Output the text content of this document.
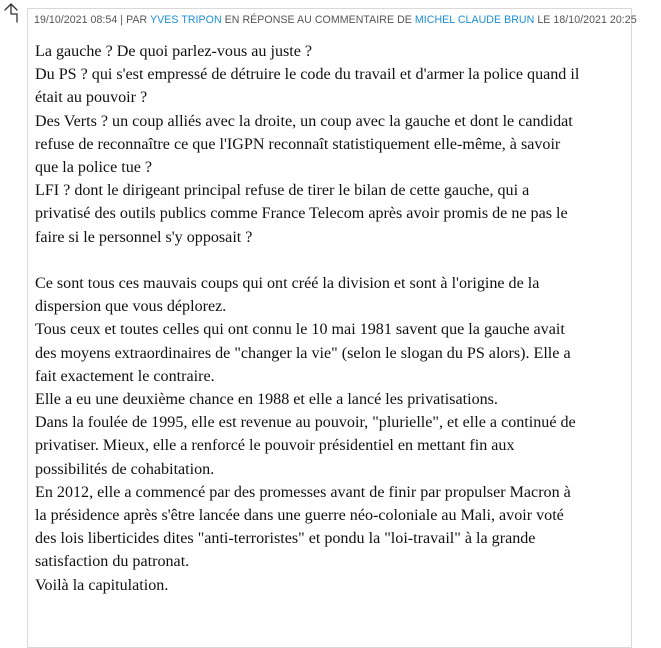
19/10/2021 08:54 | PAR YVES TRIPON EN RÉPONSE AU COMMENTAIRE DE MICHEL CLAUDE BRUN LE 18/10/2021 20:25

La gauche ? De quoi parlez-vous au juste ?

Du PS ? qui s'est empressé de détruire le code du travail et d'armer la police quand il

était au pouvoir ?

Des Verts ? un coup alliés avec la droite, un coup avec la gauche et dont le candidat

refuse de reconnaître ce que l'IGPN reconnaît statistiquement elle-même, à savoir

que la police tue ?

LFI ? dont le dirigeant principal refuse de tirer le bilan de cette gauche, qui a

privatisé des outils publics comme France Telecom après avoir promis de ne pas le

faire si le personnel s'y opposait ?

Ce sont tous ces mauvais coups qui ont créé la division et sont à l'origine de la

dispersion que vous déplorez.

Tous ceux et toutes celles qui ont connu le 10 mai 1981 savent que la gauche avait

des moyens extraordinaires de "changer la vie" (selon le slogan du PS alors). Elle a

fait exactement le contraire.

Elle a eu une deuxième chance en 1988 et elle a lancé les privatisations.

Dans la foulée de 1995, elle est revenue au pouvoir, "plurielle", et elle a continué de

privatiser. Mieux, elle a renforcé le pouvoir présidentiel en mettant fin aux

possibilités de cohabitation.

En 2012, elle a commencé par des promesses avant de finir par propulser Macron à

la présidence après s'être lancée dans une guerre néo-coloniale au Mali, avoir voté

des lois liberticides dites "anti-terroristes" et pondu la "loi-travail" à la grande

satisfaction du patronat.

Voilà la capitulation.
